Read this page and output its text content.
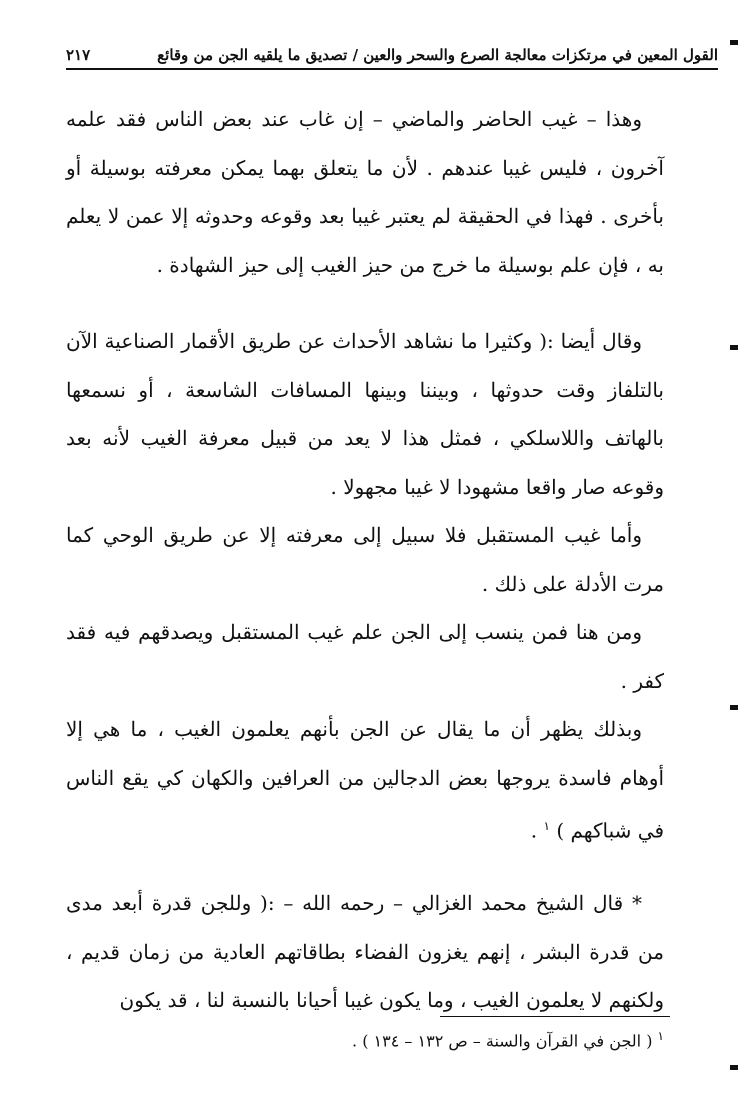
القول المعين في مرتكزات معالجة الصرع والسحر والعين / تصديق ما يلقيه الجن من وقائع
٢١٧

وهذا – غيب الحاضر والماضي – إن غاب عند بعض الناس فقد علمه آخرون ، فليس غيبا عندهم . لأن ما يتعلق بهما يمكن معرفته بوسيلة أو بأخرى . فهذا في الحقيقة لم يعتبر غيبا بعد وقوعه وحدوثه إلا عمن لا يعلم به ، فإن علم بوسيلة ما خرج من حيز الغيب إلى حيز الشهادة .

وقال أيضا :( وكثيرا ما نشاهد الأحداث عن طريق الأقمار الصناعية الآن بالتلفاز وقت حدوثها ، وبيننا وبينها المسافات الشاسعة ، أو نسمعها بالهاتف واللاسلكي ، فمثل هذا لا يعد من قبيل معرفة الغيب لأنه بعد وقوعه صار واقعا مشهودا لا غيبا مجهولا .

وأما غيب المستقبل فلا سبيل إلى معرفته إلا عن طريق الوحي كما مرت الأدلة على ذلك .

ومن هنا فمن ينسب إلى الجن علم غيب المستقبل ويصدقهم فيه فقد كفر .

وبذلك يظهر أن ما يقال عن الجن بأنهم يعلمون الغيب ، ما هي إلا أوهام فاسدة يروجها بعض الدجالين من العرافين والكهان كي يقع الناس في شباكهم ) $^١$ .

* قال الشيخ محمد الغزالي – رحمه الله – :( وللجن قدرة أبعد مدى من قدرة البشر ، إنهم يغزون الفضاء بطاقاتهم العادية من زمان قديم ، ولكنهم لا يعلمون الغيب ، وما يكون غيبا أحيانا بالنسبة لنا ، قد يكون

$^١$ ( الجن في القرآن والسنة – ص ١٣٢ – ١٣٤ ) .
